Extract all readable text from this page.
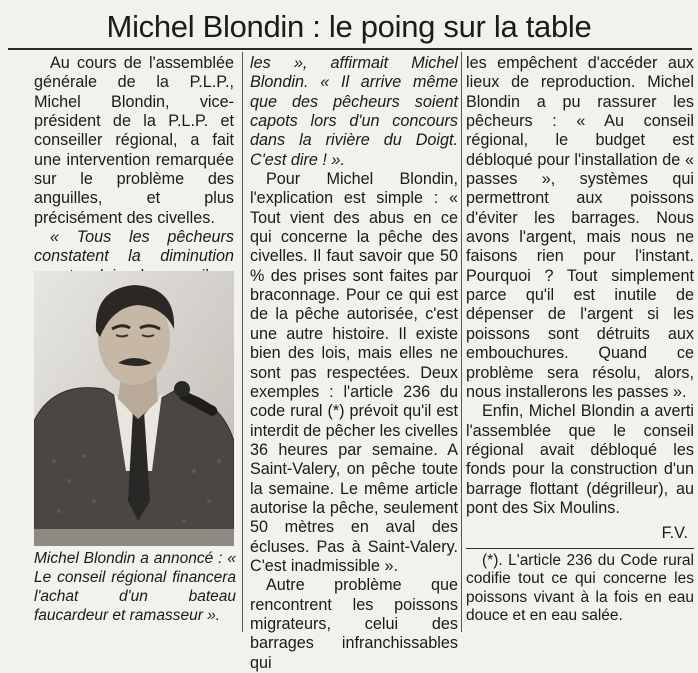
Michel Blondin : le poing sur la table

Au cours de l'assemblée générale de la P.L.P., Michel Blondin, vice-président de la P.L.P. et conseiller régional, a fait une intervention remarquée sur le problème des anguilles, et plus précisément des civelles.

« Tous les pêcheurs constatent la diminution

Michel Blondin a annoncé : « Le conseil régional financera l'achat d'un bateau faucardeur et ramasseur ».

les », affirmait Michel Blondin. « Il arrive même que des pêcheurs soient capots lors d'un concours dans la rivière du Doigt. C'est dire ! ».

Pour Michel Blondin, l'explication est simple : « Tout vient des abus en ce qui concerne la pêche des civelles. Il faut savoir que 50 % des prises sont faites par braconnage. Pour ce qui est de la pêche autorisée, c'est une autre histoire. Il existe bien des lois, mais elles ne sont pas respectées. Deux exemples : l'article 236 du code rural (*) prévoit qu'il est interdit de pêcher les civelles 36 heures par semaine. A Saint-Valery, on pêche toute la semaine. Le même article autorise la pêche, seulement 50 mètres en aval des écluses. Pas à Saint-Valery. C'est inadmissible ».

Autre problème que rencontrent les poissons migrateurs, celui des barrages infranchissables qui

les empêchent d'accéder aux lieux de reproduction. Michel Blondin a pu rassurer les pêcheurs : « Au conseil régional, le budget est débloqué pour l'installation de « passes », systèmes qui permettront aux poissons d'éviter les barrages. Nous avons l'argent, mais nous ne faisons rien pour l'instant. Pourquoi ? Tout simplement parce qu'il est inutile de dépenser de l'argent si les poissons sont détruits aux embouchures. Quand ce problème sera résolu, alors, nous installerons les passes ».

Enfin, Michel Blondin a averti l'assemblée que le conseil régional avait débloqué les fonds pour la construction d'un barrage flottant (dégrilleur), au pont des Six Moulins.

F.V.

(*). L'article 236 du Code rural codifie tout ce qui concerne les poissons vivant à la fois en eau douce et en eau salée.
